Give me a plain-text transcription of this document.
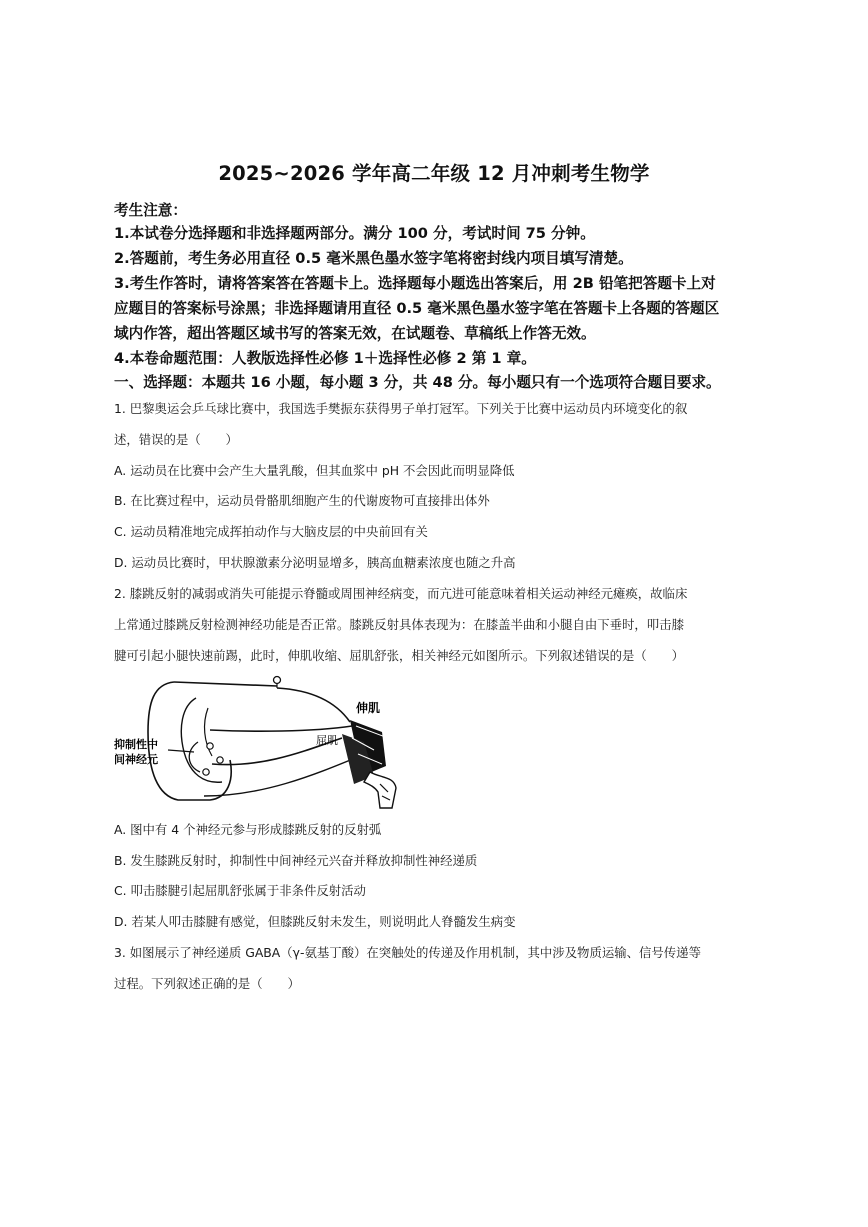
2025~2026 学年高二年级 12 月冲刺考生物学
考生注意：
1.本试卷分选择题和非选择题两部分。满分 100 分，考试时间 75 分钟。
2.答题前，考生务必用直径 0.5 毫米黑色墨水签字笔将密封线内项目填写清楚。
3.考生作答时，请将答案答在答题卡上。选择题每小题选出答案后，用 2B 铅笔把答题卡上对
应题目的答案标号涂黑；非选择题请用直径 0.5 毫米黑色墨水签字笔在答题卡上各题的答题区
域内作答，超出答题区域书写的答案无效，在试题卷、草稿纸上作答无效。
4.本卷命题范围：人教版选择性必修 1＋选择性必修 2 第 1 章。
一、选择题：本题共 16 小题，每小题 3 分，共 48 分。每小题只有一个选项符合题目要求。
1. 巴黎奥运会乒乓球比赛中，我国选手樊振东获得男子单打冠军。下列关于比赛中运动员内环境变化的叙
述，错误的是（　　）
A. 运动员在比赛中会产生大量乳酸，但其血浆中 pH 不会因此而明显降低
B. 在比赛过程中，运动员骨骼肌细胞产生的代谢废物可直接排出体外
C. 运动员精准地完成挥拍动作与大脑皮层的中央前回有关
D. 运动员比赛时，甲状腺激素分泌明显增多，胰高血糖素浓度也随之升高
2. 膝跳反射的减弱或消失可能提示脊髓或周围神经病变，而亢进可能意味着相关运动神经元瘫痪，故临床
上常通过膝跳反射检测神经功能是否正常。膝跳反射具体表现为：在膝盖半曲和小腿自由下垂时，叩击膝
腱可引起小腿快速前踢，此时，伸肌收缩、屈肌舒张，相关神经元如图所示。下列叙述错误的是（　　）
伸肌
屈肌
抑制性中
间神经元
A. 图中有 4 个神经元参与形成膝跳反射的反射弧
B. 发生膝跳反射时，抑制性中间神经元兴奋并释放抑制性神经递质
C. 叩击膝腱引起屈肌舒张属于非条件反射活动
D. 若某人叩击膝腱有感觉，但膝跳反射未发生，则说明此人脊髓发生病变
3. 如图展示了神经递质 GABA（γ-氨基丁酸）在突触处的传递及作用机制，其中涉及物质运输、信号传递等
过程。下列叙述正确的是（　　）
